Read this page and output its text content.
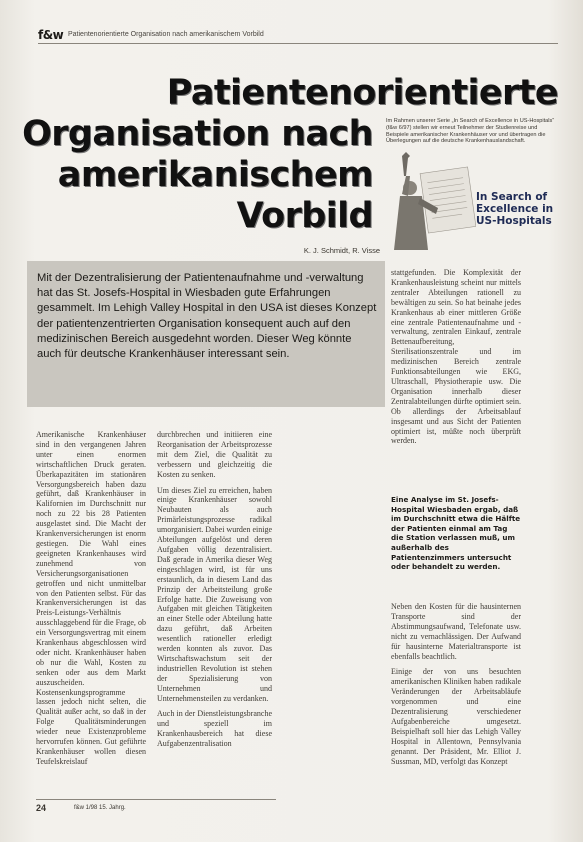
f&w Patientenorientierte Organisation nach amerikanischem Vorbild
Patientenorientierte
Organisation nach
amerikanischem
Vorbild
Im Rahmen unserer Serie „In Search of Excellence in US-Hospitals“ (f&w 6/97) stellen wir erneut Teilnehmer der Studienreise und Beispiele amerikanischer Krankenhäuser vor und übertragen die Überlegungen auf die deutsche Krankenhauslandschaft.
In Search of Excellence in US-Hospitals
K. J. Schmidt, R. Visse
Mit der Dezentralisierung der Patientenaufnahme und -verwaltung hat das St. Josefs-Hospital in Wiesbaden gute Erfahrungen gesammelt. Im Lehigh Valley Hospital in den USA ist dieses Konzept der patientenzentrierten Organisation konsequent auch auf den medizinischen Bereich ausgedehnt worden. Dieser Weg könnte auch für deutsche Krankenhäuser interessant sein.

Amerikanische Krankenhäuser sind in den vergangenen Jahren unter einen enormen wirtschaftlichen Druck geraten. Überkapazitäten im stationären Versorgungsbereich haben dazu geführt, daß Krankenhäuser in Kalifornien im Durchschnitt nur noch zu 22 bis 28 Patienten ausgelastet sind. Die Macht der Krankenversicherungen ist enorm gestiegen. Die Wahl eines geeigneten Krankenhauses wird zunehmend von Versicherungsorganisationen getroffen und nicht unmittelbar von den Patienten selbst. Für das Krankenversicherungen ist das Preis-Leistungs-Verhältnis ausschlaggebend für die Frage, ob ein Versorgungsvertrag mit einem Krankenhaus abgeschlossen wird oder nicht. Krankenhäuser haben ob nur die Wahl, Kosten zu senken oder aus dem Markt auszuscheiden. Kostensenkungsprogramme lassen jedoch nicht selten, die Qualität außer acht, so daß in der Folge Qualitätsminderungen wieder neue Existenzprobleme hervorrufen können. Gut geführte Krankenhäuser wollen diesen Teufelskreislauf

durchbrechen und initiieren eine Reorganisation der Arbeitsprozesse mit dem Ziel, die Qualität zu verbessern und gleichzeitig die Kosten zu senken.

Um dieses Ziel zu erreichen, haben einige Krankenhäuser sowohl Neubauten als auch Primärleistungsprozesse radikal umorganisiert. Dabei wurden einige Abteilungen aufgelöst und deren Aufgaben völlig dezentralisiert. Daß gerade in Amerika dieser Weg eingeschlagen wird, ist für uns erstaunlich, da in diesem Land das Prinzip der Arbeitsteilung große Erfolge hatte. Die Zuweisung von Aufgaben mit gleichen Tätigkeiten an einer Stelle oder Abteilung hatte dazu geführt, daß Arbeiten wesentlich rationeller erledigt werden konnten als zuvor. Das Wirtschaftswachstum seit der industriellen Revolution ist stehen der Spezialisierung von Unternehmen und Unternehmensteilen zu verdanken.

Auch in der Dienstleistungsbranche und speziell im Krankenhausbereich hat diese Aufgabenzentralisation

stattgefunden. Die Komplexität der Krankenhausleistung scheint nur mittels zentraler Abteilungen rationell zu bewältigen zu sein. So hat beinahe jedes Krankenhaus ab einer mittleren Größe eine zentrale Patientenaufnahme und -verwaltung, zentralen Einkauf, zentrale Bettenaufbereitung, Sterilisationszentrale und im medizinischen Bereich zentrale Funktionsabteilungen wie EKG, Ultraschall, Physiotherapie usw. Die Organisation innerhalb dieser Zentralabteilungen dürfte optimiert sein. Ob allerdings der Arbeitsablauf insgesamt und aus Sicht der Patienten optimiert ist, müßte noch überprüft werden.

Eine Analyse im St. Josefs-Hospital Wiesbaden ergab, daß im Durchschnitt etwa die Hälfte der Patienten einmal am Tag die Station verlassen muß, um außerhalb des Patientenzimmers untersucht oder behandelt zu werden.

Neben den Kosten für die hausinternen Transporte sind der Abstimmungsaufwand, Telefonate usw. nicht zu vernachlässigen. Der Aufwand für hausinterne Materialtransporte ist ebenfalls beachtlich.

Einige der von uns besuchten amerikanischen Kliniken haben radikale Veränderungen der Arbeitsabläufe vorgenommen und eine Dezentralisierung verschiedener Aufgabenbereiche umgesetzt. Beispielhaft soll hier das Lehigh Valley Hospital in Allentown, Pennsylvania genannt. Der Präsident, Mr. Elliot J. Sussman, MD, verfolgt das Konzept

24	f&w 1/98 15. Jahrg.
